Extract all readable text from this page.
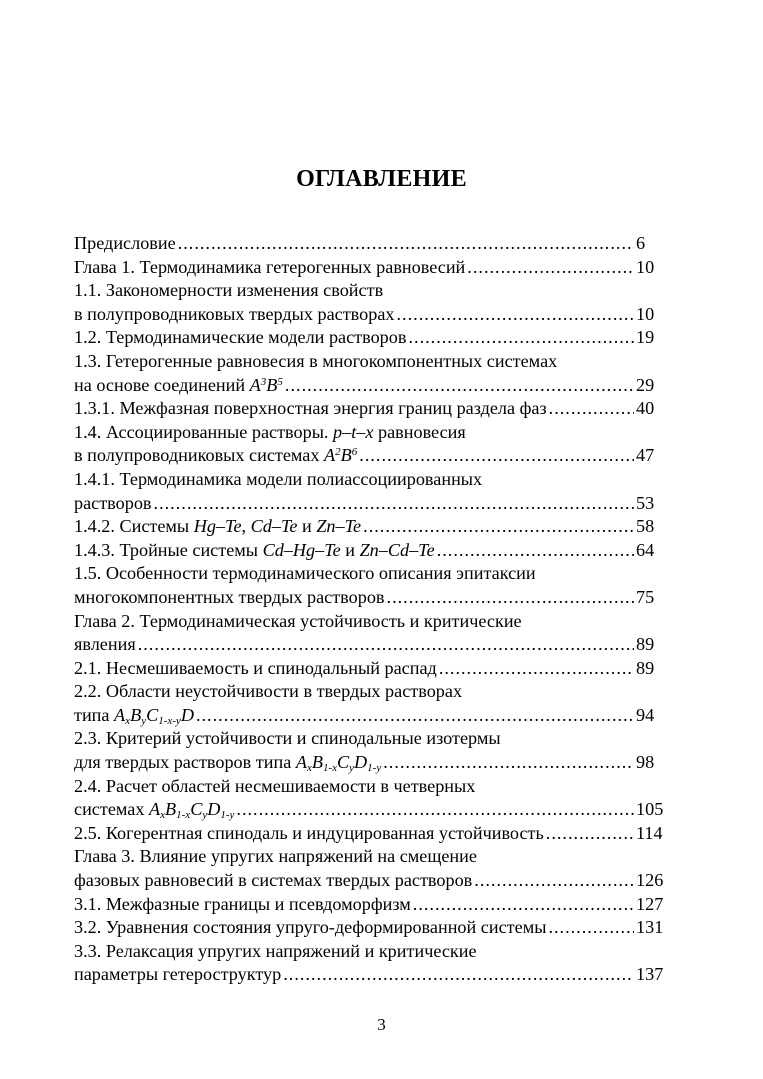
ОГЛАВЛЕНИЕ
Предисловие .....	6
Глава 1. Термодинамика гетерогенных равновесий .....	10
1.1. Закономерности изменения свойств
в полупроводниковых твердых растворах .....	10
1.2. Термодинамические модели растворов .....	19
1.3. Гетерогенные равновесия в многокомпонентных системах
на основе соединений $A^3B^5$ .....	29
1.3.1. Межфазная поверхностная энергия границ раздела фаз .....	40
1.4. Ассоциированные растворы. p–t–x равновесия
в полупроводниковых системах $A^2B^6$ .....	47
1.4.1. Термодинамика модели полиассоциированных
растворов .....	53
1.4.2. Системы Hg–Te, Cd–Te и Zn–Te .....	58
1.4.3. Тройные системы Cd–Hg–Te и Zn–Cd–Te .....	64
1.5. Особенности термодинамического описания эпитаксии
многокомпонентных твердых растворов .....	75
Глава 2. Термодинамическая устойчивость и критические
явления .....	89
2.1. Несмешиваемость и спинодальный распад .....	89
2.2. Области неустойчивости в твердых растворах
типа $A_xB_yC_{1-x-y}D$ .....	94
2.3. Критерий устойчивости и спинодальные изотермы
для твердых растворов типа $A_xB_{1-x}C_yD_{1-y}$ .....	98
2.4. Расчет областей несмешиваемости в четверных
системах $A_xB_{1-x}C_yD_{1-y}$ .....	105
2.5. Когерентная спинодаль и индуцированная устойчивость .....	114
Глава 3. Влияние упругих напряжений на смещение
фазовых равновесий в системах твердых растворов .....	126
3.1. Межфазные границы и псевдоморфизм .....	127
3.2. Уравнения состояния упруго-деформированной системы .....	131
3.3. Релаксация упругих напряжений и критические
параметры гетероструктур .....	137
3
